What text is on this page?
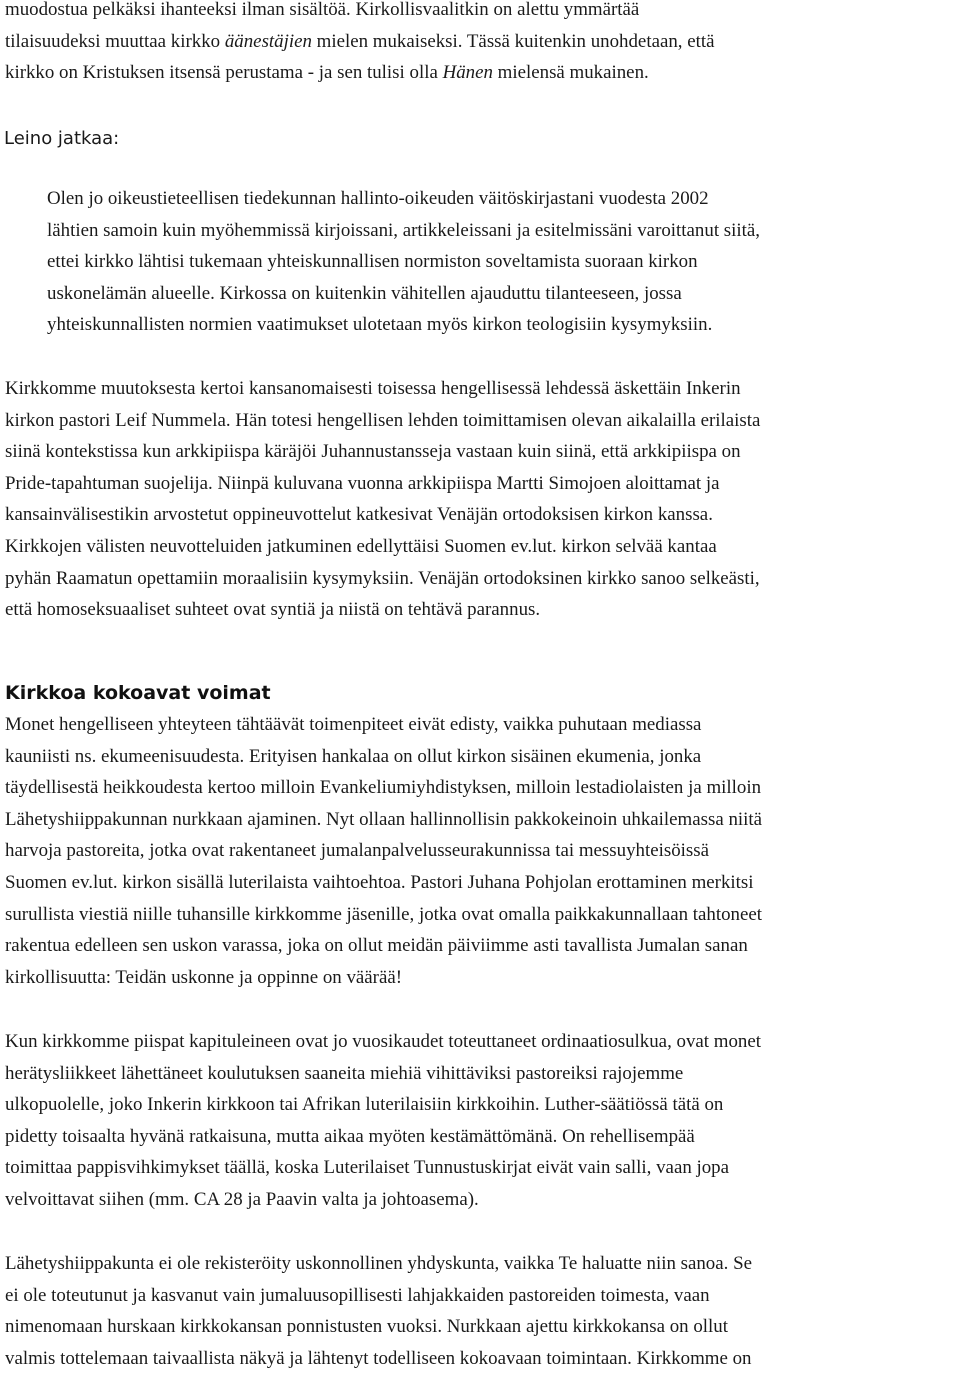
muodostua pelkäksi ihanteeksi ilman sisältöä. Kirkollisvaalitkin on alettu ymmärtää
tilaisuudeksi muuttaa kirkko äänestäjien mielen mukaiseksi. Tässä kuitenkin unohdetaan, että
kirkko on Kristuksen itsensä perustama - ja sen tulisi olla Hänen mielensä mukainen.

Leino jatkaa:

Olen jo oikeustieteellisen tiedekunnan hallinto-oikeuden väitöskirjastani vuodesta 2002
lähtien samoin kuin myöhemmissä kirjoissani, artikkeleissani ja esitelmissäni varoittanut siitä,
ettei kirkko lähtisi tukemaan yhteiskunnallisen normiston soveltamista suoraan kirkon
uskonelämän alueelle. Kirkossa on kuitenkin vähitellen ajauduttu tilanteeseen, jossa
yhteiskunnallisten normien vaatimukset ulotetaan myös kirkon teologisiin kysymyksiin.

Kirkkomme muutoksesta kertoi kansanomaisesti toisessa hengellisessä lehdessä äskettäin Inkerin
kirkon pastori Leif Nummela. Hän totesi hengellisen lehden toimittamisen olevan aikalailla erilaista
siinä kontekstissa kun arkkipiispa käräjöi Juhannustansseja vastaan kuin siinä, että arkkipiispa on
Pride-tapahtuman suojelija. Niinpä kuluvana vuonna arkkipiispa Martti Simojoen aloittamat ja
kansainvälisestikin arvostetut oppineuvottelut katkesivat Venäjän ortodoksisen kirkon kanssa.
Kirkkojen välisten neuvotteluiden jatkuminen edellyttäisi Suomen ev.lut. kirkon selvää kantaa
pyhän Raamatun opettamiin moraalisiin kysymyksiin. Venäjän ortodoksinen kirkko sanoo selkeästi,
että homoseksuaaliset suhteet ovat syntiä ja niistä on tehtävä parannus.

Kirkkoa kokoavat voimat

Monet hengelliseen yhteyteen tähtäävät toimenpiteet eivät edisty, vaikka puhutaan mediassa
kauniisti ns. ekumeenisuudesta. Erityisen hankalaa on ollut kirkon sisäinen ekumenia, jonka
täydellisestä heikkoudesta kertoo milloin Evankeliumiyhdistyksen, milloin lestadiolaisten ja milloin
Lähetyshiippakunnan nurkkaan ajaminen. Nyt ollaan hallinnollisin pakkokeinoin uhkailemassa niitä
harvoja pastoreita, jotka ovat rakentaneet jumalanpalvelusseurakunnissa tai messuyhteisöissä
Suomen ev.lut. kirkon sisällä luterilaista vaihtoehtoa. Pastori Juhana Pohjolan erottaminen merkitsi
surullista viestiä niille tuhansille kirkkomme jäsenille, jotka ovat omalla paikkakunnallaan tahtoneet
rakentua edelleen sen uskon varassa, joka on ollut meidän päiviimme asti tavallista Jumalan sanan
kirkollisuutta: Teidän uskonne ja oppinne on väärää!

Kun kirkkomme piispat kapituleineen ovat jo vuosikaudet toteuttaneet ordinaatiosulkua, ovat monet
herätysliikkeet lähettäneet koulutuksen saaneita miehiä vihittäviksi pastoreiksi rajojemme
ulkopuolelle, joko Inkerin kirkkoon tai Afrikan luterilaisiin kirkkoihin. Luther-säätiössä tätä on
pidetty toisaalta hyvänä ratkaisuna, mutta aikaa myöten kestämättömänä. On rehellisempää
toimittaa pappisvihkimykset täällä, koska Luterilaiset Tunnustuskirjat eivät vain salli, vaan jopa
velvoittavat siihen (mm. CA 28 ja Paavin valta ja johtoasema).

Lähetyshiippakunta ei ole rekisteröity uskonnollinen yhdyskunta, vaikka Te haluatte niin sanoa. Se
ei ole toteutunut ja kasvanut vain jumaluusopillisesti lahjakkaiden pastoreiden toimesta, vaan
nimenomaan hurskaan kirkkokansan ponnistusten vuoksi. Nurkkaan ajettu kirkkokansa on ollut
valmis tottelemaan taivaallista näkyä ja lähtenyt todelliseen kokoavaan toimintaan. Kirkkomme on
